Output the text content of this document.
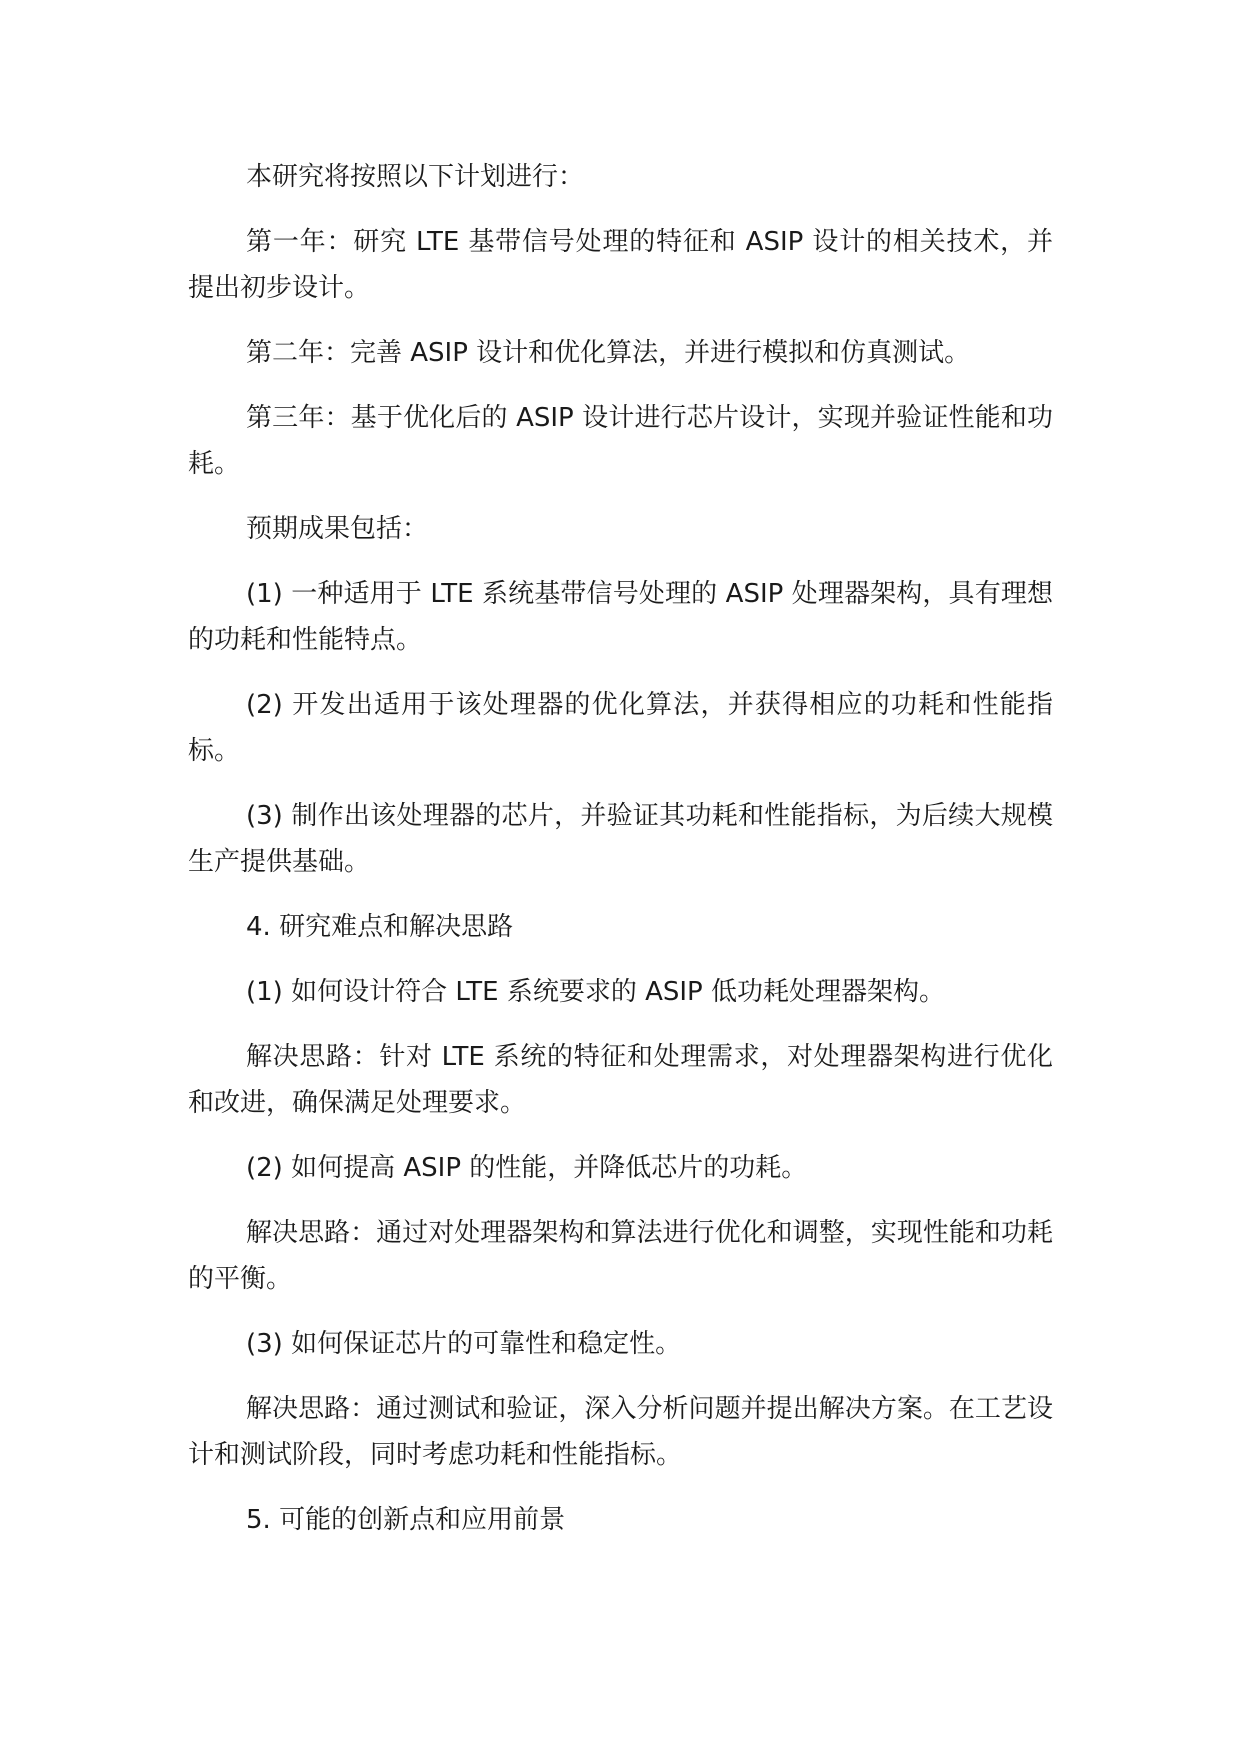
本研究将按照以下计划进行：

第一年：研究 LTE 基带信号处理的特征和 ASIP 设计的相关技术，并提出初步设计。

第二年：完善 ASIP 设计和优化算法，并进行模拟和仿真测试。

第三年：基于优化后的 ASIP 设计进行芯片设计，实现并验证性能和功耗。

预期成果包括：

(1) 一种适用于 LTE 系统基带信号处理的 ASIP 处理器架构，具有理想的功耗和性能特点。

(2) 开发出适用于该处理器的优化算法，并获得相应的功耗和性能指标。

(3) 制作出该处理器的芯片，并验证其功耗和性能指标，为后续大规模生产提供基础。

4. 研究难点和解决思路

(1) 如何设计符合 LTE 系统要求的 ASIP 低功耗处理器架构。

解决思路：针对 LTE 系统的特征和处理需求，对处理器架构进行优化和改进，确保满足处理要求。

(2) 如何提高 ASIP 的性能，并降低芯片的功耗。

解决思路：通过对处理器架构和算法进行优化和调整，实现性能和功耗的平衡。

(3) 如何保证芯片的可靠性和稳定性。

解决思路：通过测试和验证，深入分析问题并提出解决方案。在工艺设计和测试阶段，同时考虑功耗和性能指标。

5. 可能的创新点和应用前景
